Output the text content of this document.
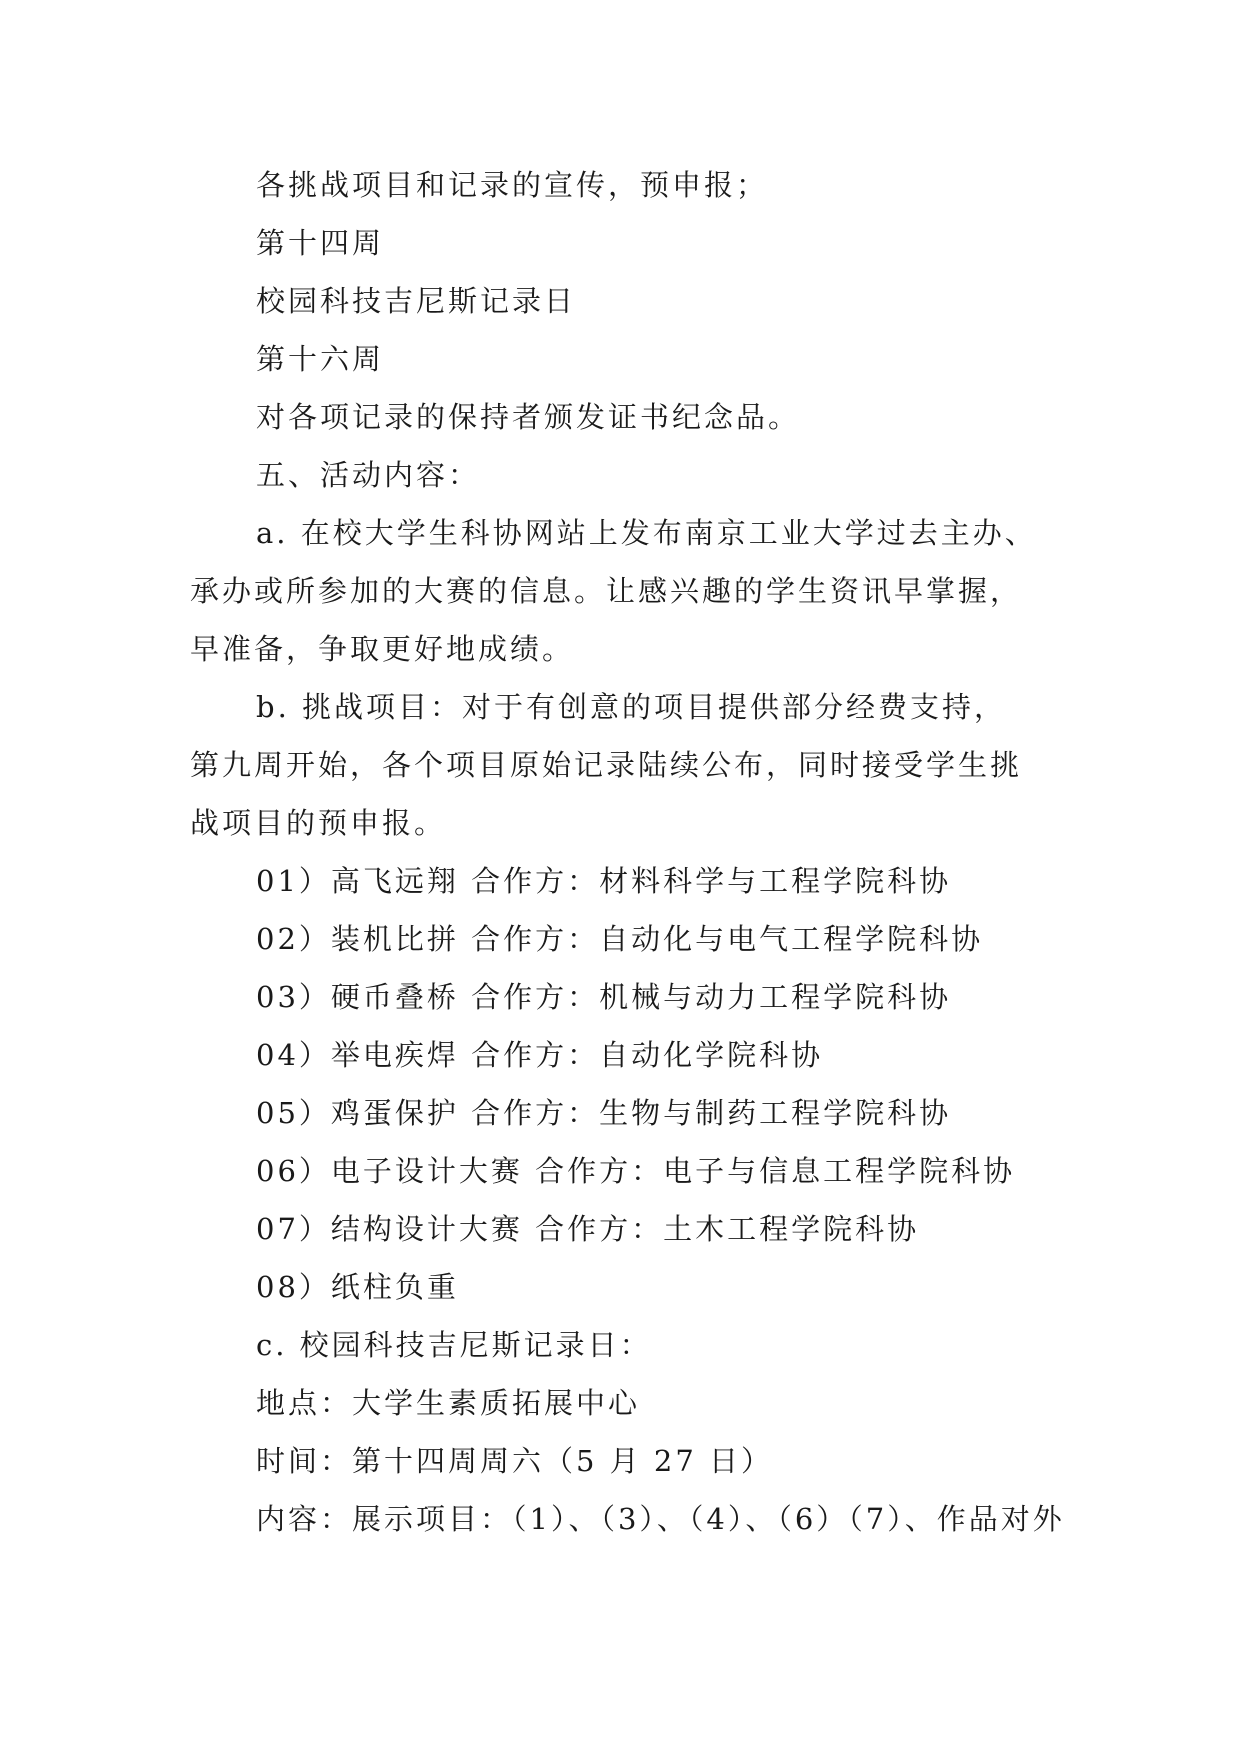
各挑战项目和记录的宣传，预申报；
第十四周
校园科技吉尼斯记录日
第十六周
对各项记录的保持者颁发证书纪念品。
五、活动内容：
a. 在校大学生科协网站上发布南京工业大学过去主办、
承办或所参加的大赛的信息。让感兴趣的学生资讯早掌握，
早准备，争取更好地成绩。
b. 挑战项目：对于有创意的项目提供部分经费支持，
第九周开始，各个项目原始记录陆续公布，同时接受学生挑
战项目的预申报。
01）高飞远翔 合作方：材料科学与工程学院科协
02）装机比拼 合作方：自动化与电气工程学院科协
03）硬币叠桥 合作方：机械与动力工程学院科协
04）举电疾焊 合作方：自动化学院科协
05）鸡蛋保护 合作方：生物与制药工程学院科协
06）电子设计大赛 合作方：电子与信息工程学院科协
07）结构设计大赛 合作方：土木工程学院科协
08）纸柱负重
c. 校园科技吉尼斯记录日：
地点：大学生素质拓展中心
时间：第十四周周六（5 月 27 日）
内容：展示项目：（1）、（3）、（4）、（6）（7）、作品对外
